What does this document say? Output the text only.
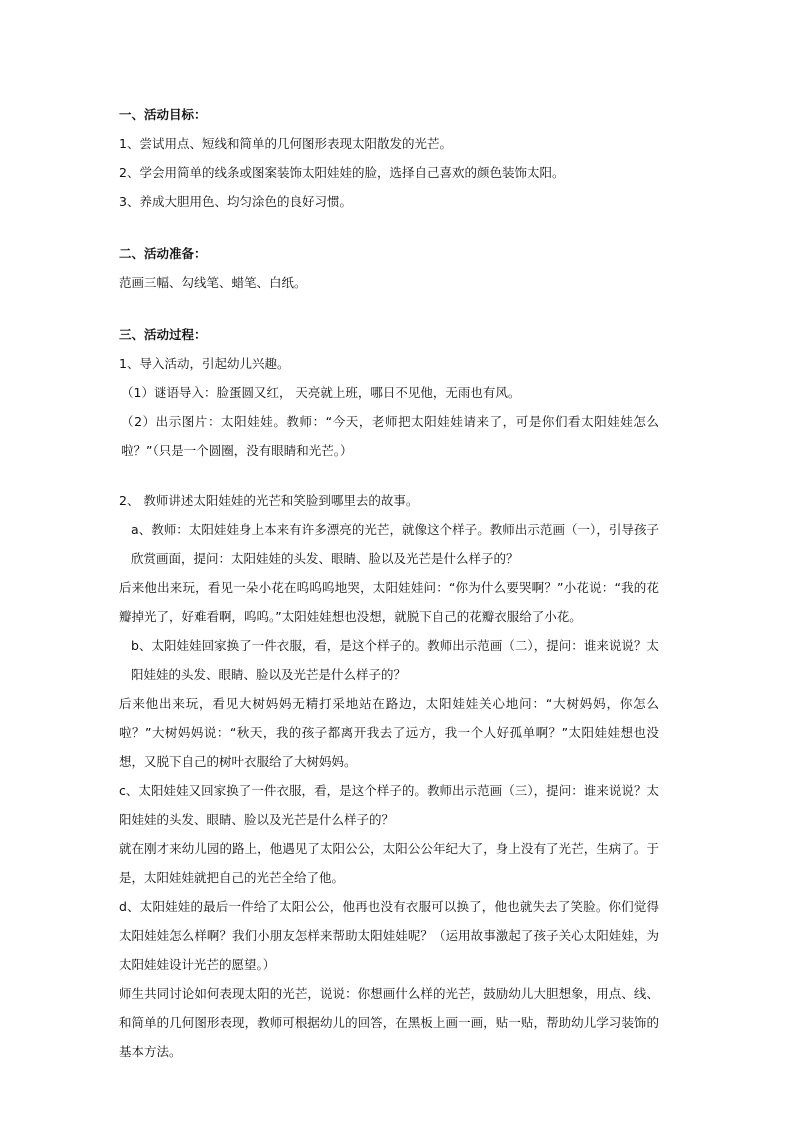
一、活动目标：

1、尝试用点、短线和简单的几何图形表现太阳散发的光芒。

2、学会用简单的线条或图案装饰太阳娃娃的脸，选择自己喜欢的颜色装饰太阳。

3、养成大胆用色、均匀涂色的良好习惯。

二、活动准备：

范画三幅、勾线笔、蜡笔、白纸。

三、活动过程：

1、导入活动，引起幼儿兴趣。

（1）谜语导入：脸蛋圆又红， 天亮就上班，哪日不见他，无雨也有风。

（2）出示图片：太阳娃娃。教师：“今天，老师把太阳娃娃请来了，可是你们看太阳娃娃怎么啦？”（只是一个圆圈，没有眼睛和光芒。）

2、 教师讲述太阳娃娃的光芒和笑脸到哪里去的故事。

a、教师：太阳娃娃身上本来有许多漂亮的光芒，就像这个样子。教师出示范画（一），引导孩子欣赏画面，提问：太阳娃娃的头发、眼睛、脸以及光芒是什么样子的？

后来他出来玩，看见一朵小花在呜呜呜地哭，太阳娃娃问：“你为什么要哭啊？”小花说：“我的花瓣掉光了，好难看啊，呜呜。”太阳娃娃想也没想，就脱下自己的花瓣衣服给了小花。

b、太阳娃娃回家换了一件衣服，看，是这个样子的。教师出示范画（二），提问：谁来说说？太阳娃娃的头发、眼睛、脸以及光芒是什么样子的？

后来他出来玩，看见大树妈妈无精打采地站在路边，太阳娃娃关心地问：“大树妈妈，你怎么啦？”大树妈妈说：“秋天，我的孩子都离开我去了远方，我一个人好孤单啊？”太阳娃娃想也没想，又脱下自己的树叶衣服给了大树妈妈。

c、太阳娃娃又回家换了一件衣服，看，是这个样子的。教师出示范画（三），提问：谁来说说？太阳娃娃的头发、眼睛、脸以及光芒是什么样子的？

就在刚才来幼儿园的路上，他遇见了太阳公公，太阳公公年纪大了，身上没有了光芒，生病了。于是，太阳娃娃就把自己的光芒全给了他。

d、太阳娃娃的最后一件给了太阳公公，他再也没有衣服可以换了，他也就失去了笑脸。你们觉得太阳娃娃怎么样啊？我们小朋友怎样来帮助太阳娃娃呢？（运用故事激起了孩子关心太阳娃娃，为太阳娃娃设计光芒的愿望。）

师生共同讨论如何表现太阳的光芒，说说：你想画什么样的光芒，鼓励幼儿大胆想象，用点、线、和简单的几何图形表现，教师可根据幼儿的回答，在黑板上画一画，贴一贴，帮助幼儿学习装饰的基本方法。
